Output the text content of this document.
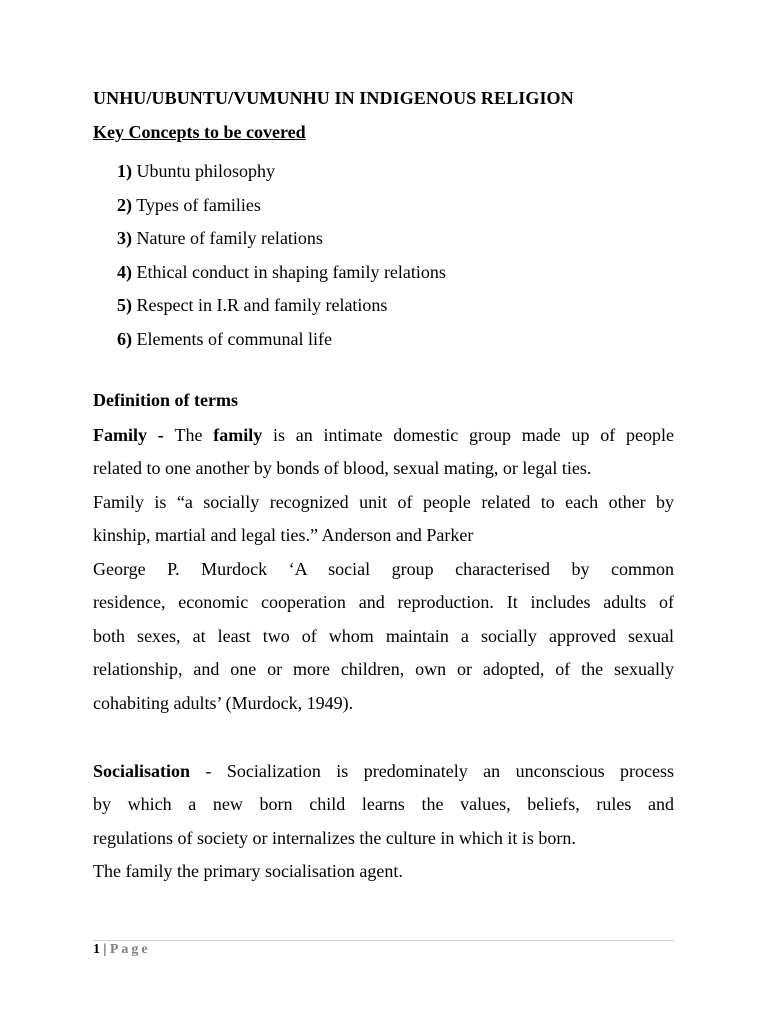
UNHU/UBUNTU/VUMUNHU IN INDIGENOUS RELIGION
Key Concepts to be covered
1) Ubuntu philosophy
2) Types of families
3) Nature of family relations
4) Ethical conduct in shaping family relations
5) Respect in I.R and family relations
6) Elements of communal life
Definition of terms

Family - The family is an intimate domestic group made up of people
related to one another by bonds of blood, sexual mating, or legal ties.
Family is “a socially recognized unit of people related to each other by
kinship, martial and legal ties.” Anderson and Parker

George P. Murdock ‘A social group characterised by common
residence, economic cooperation and reproduction. It includes adults of
both sexes, at least two of whom maintain a socially approved sexual
relationship, and one or more children, own or adopted, of the sexually
cohabiting adults’ (Murdock, 1949).

Socialisation - Socialization is predominately an unconscious process
by which a new born child learns the values, beliefs, rules and
regulations of society or internalizes the culture in which it is born.
The family the primary socialisation agent.

1 | Page
